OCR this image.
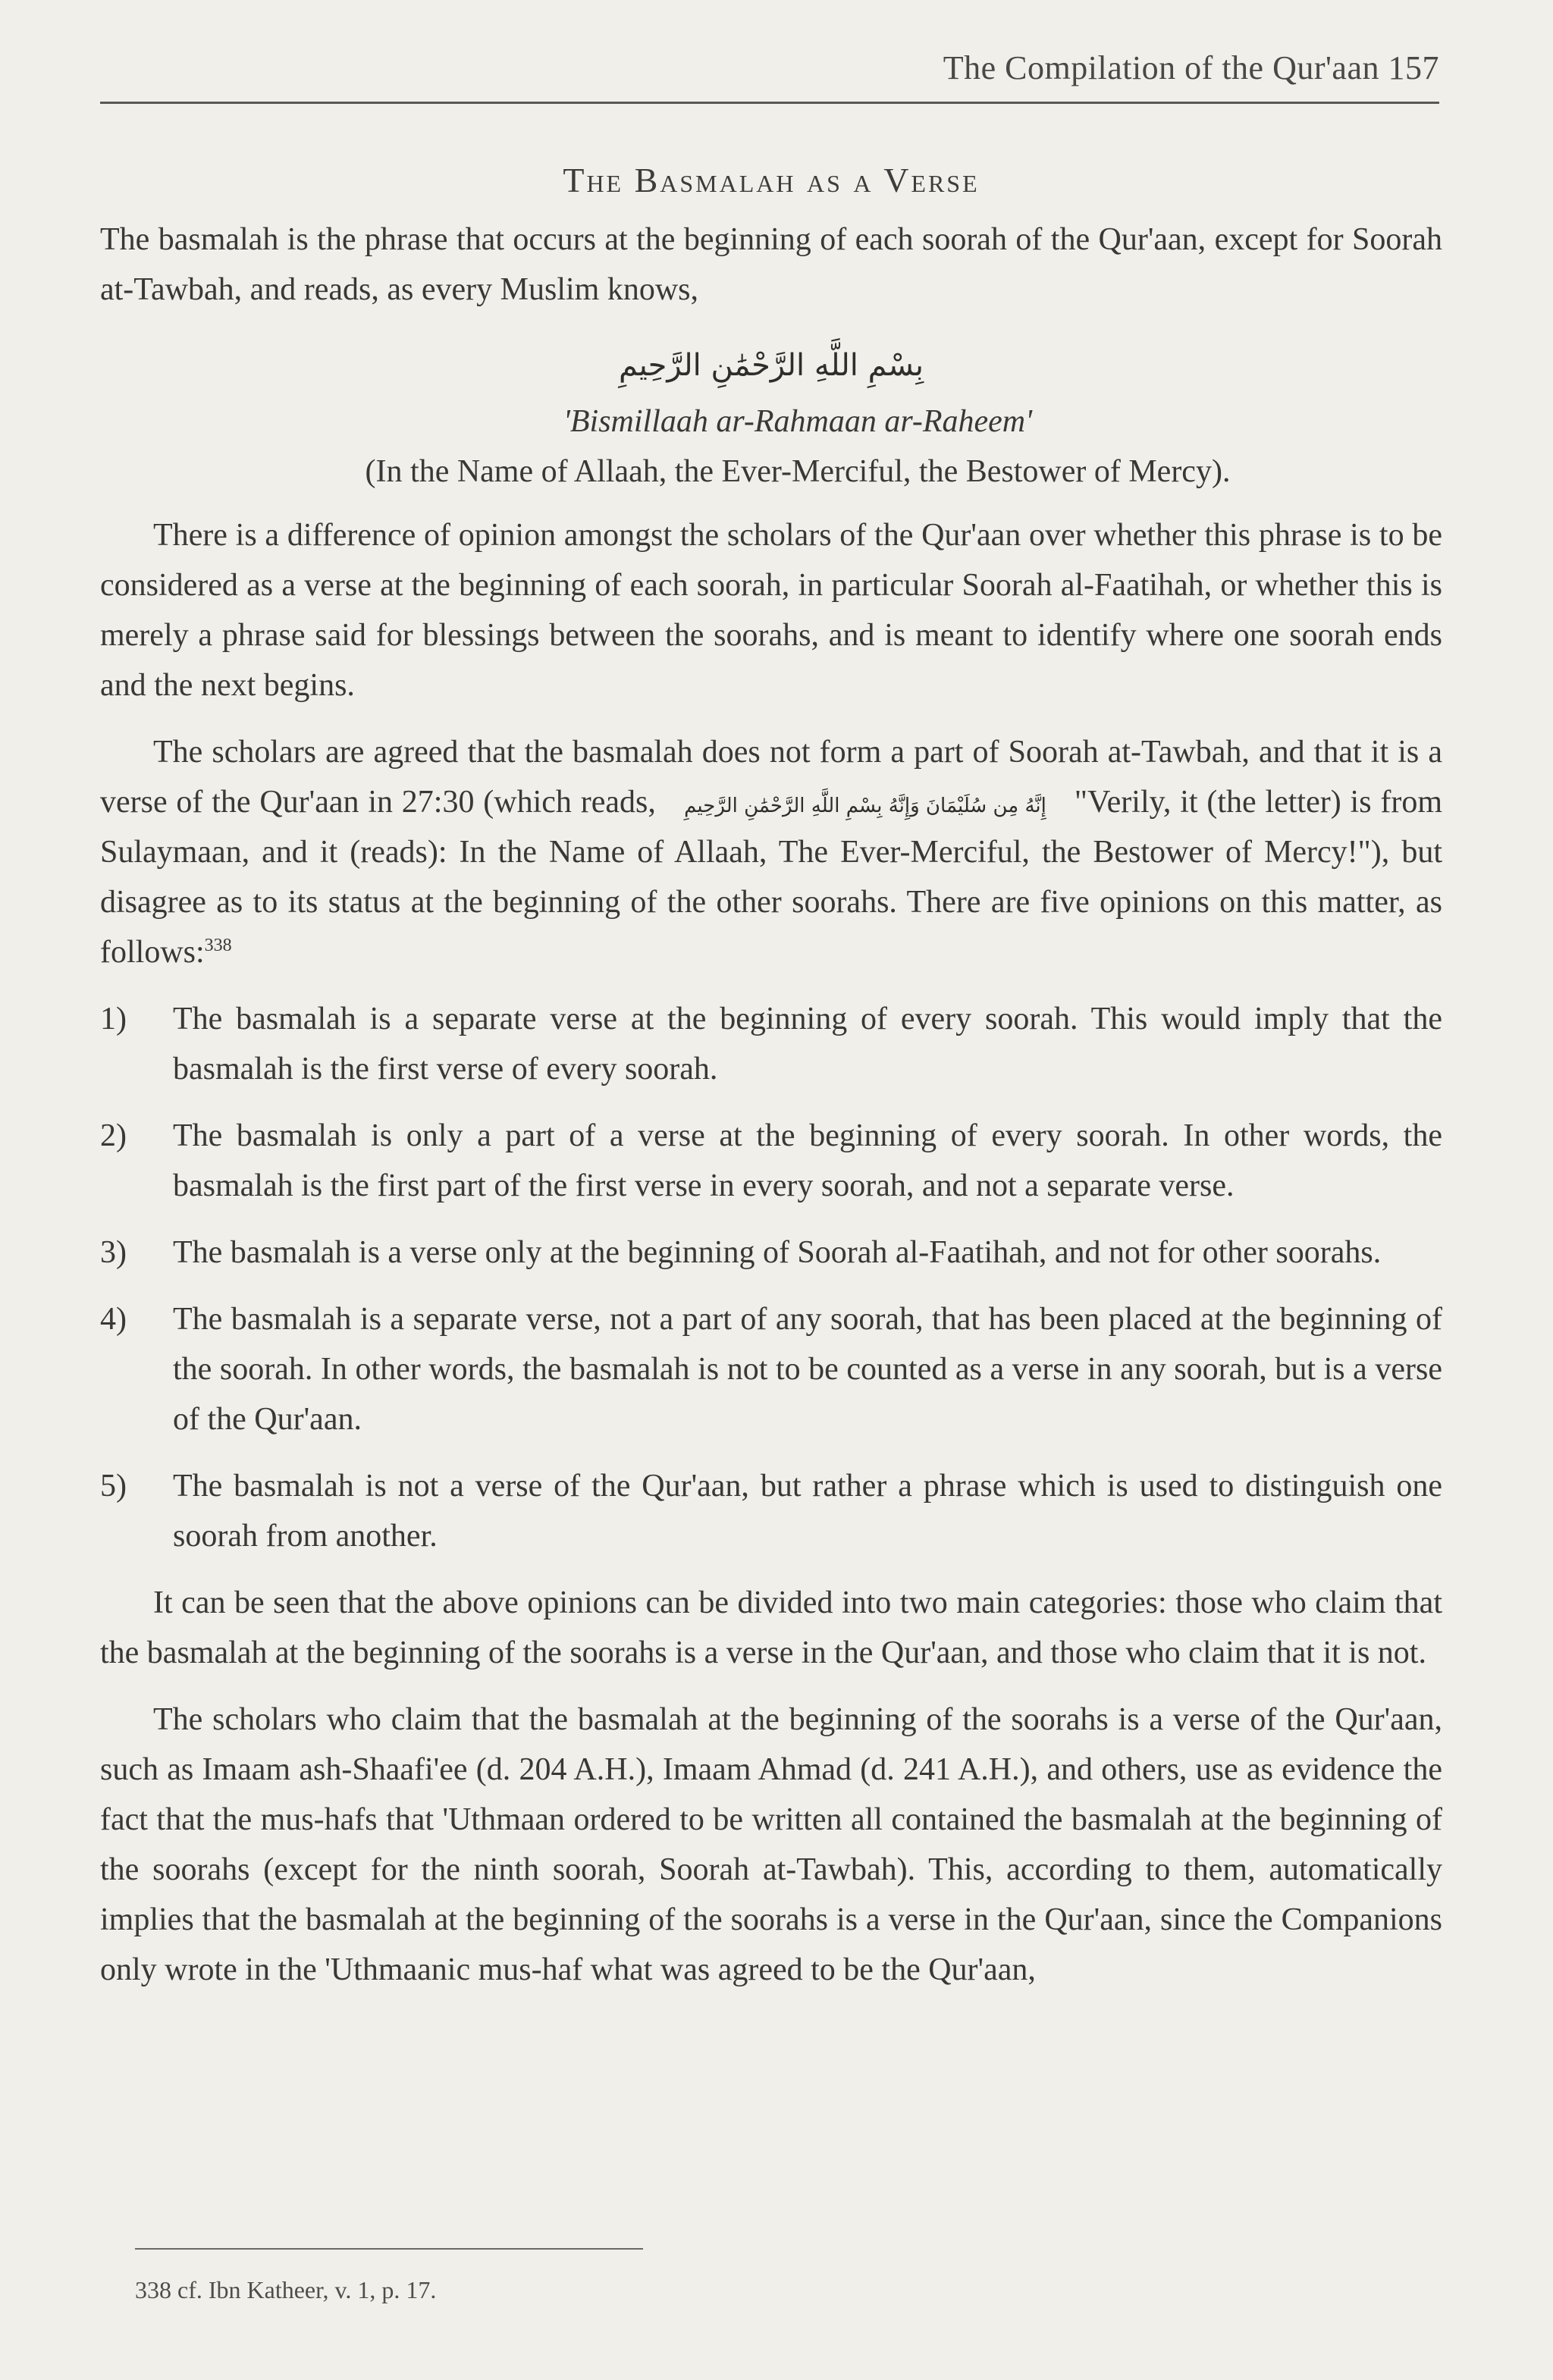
The Compilation of the Qur'aan 157
The Basmalah as a Verse

The basmalah is the phrase that occurs at the beginning of each soorah of the Qur'aan, except for Soorah at-Tawbah, and reads, as every Muslim knows,

بِسْمِ اللَّهِ الرَّحْمَٰنِ الرَّحِيمِ

'Bismillaah ar-Rahmaan ar-Raheem'

(In the Name of Allaah, the Ever-Merciful, the Bestower of Mercy).

There is a difference of opinion amongst the scholars of the Qur'aan over whether this phrase is to be considered as a verse at the beginning of each soorah, in particular Soorah al-Faatihah, or whether this is merely a phrase said for blessings between the soorahs, and is meant to identify where one soorah ends and the next begins.

The scholars are agreed that the basmalah does not form a part of Soorah at-Tawbah, and that it is a verse of the Qur'aan in 27:30 (which reads, إِنَّهُ مِن سُلَيْمَانَ وَإِنَّهُ بِسْمِ اللَّهِ الرَّحْمَٰنِ الرَّحِيمِ "Verily, it (the letter) is from Sulaymaan, and it (reads): In the Name of Allaah, The Ever-Merciful, the Bestower of Mercy!"), but disagree as to its status at the beginning of the other soorahs. There are five opinions on this matter, as follows:$^{338}$

1) The basmalah is a separate verse at the beginning of every soorah. This would imply that the basmalah is the first verse of every soorah.
2) The basmalah is only a part of a verse at the beginning of every soorah. In other words, the basmalah is the first part of the first verse in every soorah, and not a separate verse.
3) The basmalah is a verse only at the beginning of Soorah al-Faatihah, and not for other soorahs.
4) The basmalah is a separate verse, not a part of any soorah, that has been placed at the beginning of the soorah. In other words, the basmalah is not to be counted as a verse in any soorah, but is a verse of the Qur'aan.
5) The basmalah is not a verse of the Qur'aan, but rather a phrase which is used to distinguish one soorah from another.

It can be seen that the above opinions can be divided into two main categories: those who claim that the basmalah at the beginning of the soorahs is a verse in the Qur'aan, and those who claim that it is not.

The scholars who claim that the basmalah at the beginning of the soorahs is a verse of the Qur'aan, such as Imaam ash-Shaafi'ee (d. 204 A.H.), Imaam Ahmad (d. 241 A.H.), and others, use as evidence the fact that the mus-hafs that 'Uthmaan ordered to be written all contained the basmalah at the beginning of the soorahs (except for the ninth soorah, Soorah at-Tawbah). This, according to them, automatically implies that the basmalah at the beginning of the soorahs is a verse in the Qur'aan, since the Companions only wrote in the 'Uthmaanic mus-haf what was agreed to be the Qur'aan,

338 cf. Ibn Katheer, v. 1, p. 17.
